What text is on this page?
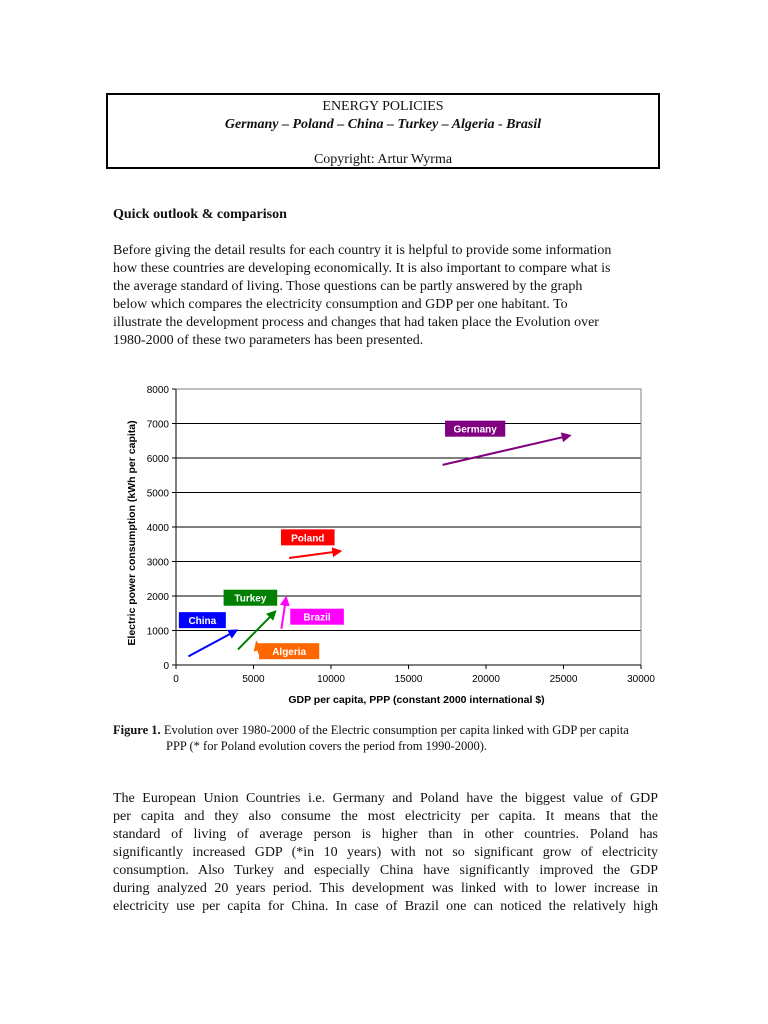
ENERGY POLICIES
Germany – Poland – China – Turkey – Algeria - Brasil
Copyright: Artur Wyrma
Quick outlook & comparison
Before giving the detail results for each country it is helpful to provide some information
how these countries are developing economically. It is also important to compare what is
the average standard of living. Those questions can be partly answered by the graph
below which compares the electricity consumption and GDP per one habitant. To
illustrate the development process and changes that had taken place the Evolution over
1980-2000 of these two parameters has been presented.
0
1000
2000
3000
4000
5000
6000
7000
8000
0	5000	10000	15000	20000	25000	30000
GDP per capita, PPP (constant 2000 international $)
Electric power consumption (kWh per capita)	Germany
Poland
Turkey
China	Brazil
Algeria
Figure 1. Evolution over 1980-2000 of the Electric consumption per capita linked with GDP per capita
PPP (* for Poland evolution covers the period from 1990-2000).
The European Union Countries i.e. Germany and Poland have the biggest value of GDP
per capita and they also consume the most electricity per capita. It means that the
standard of living of average person is higher than in other countries. Poland has
significantly increased GDP (*in 10 years) with not so significant grow of electricity
consumption. Also Turkey and especially China have significantly improved the GDP
during analyzed 20 years period. This development was linked with to lower increase in
electricity use per capita for China. In case of Brazil one can noticed the relatively high
